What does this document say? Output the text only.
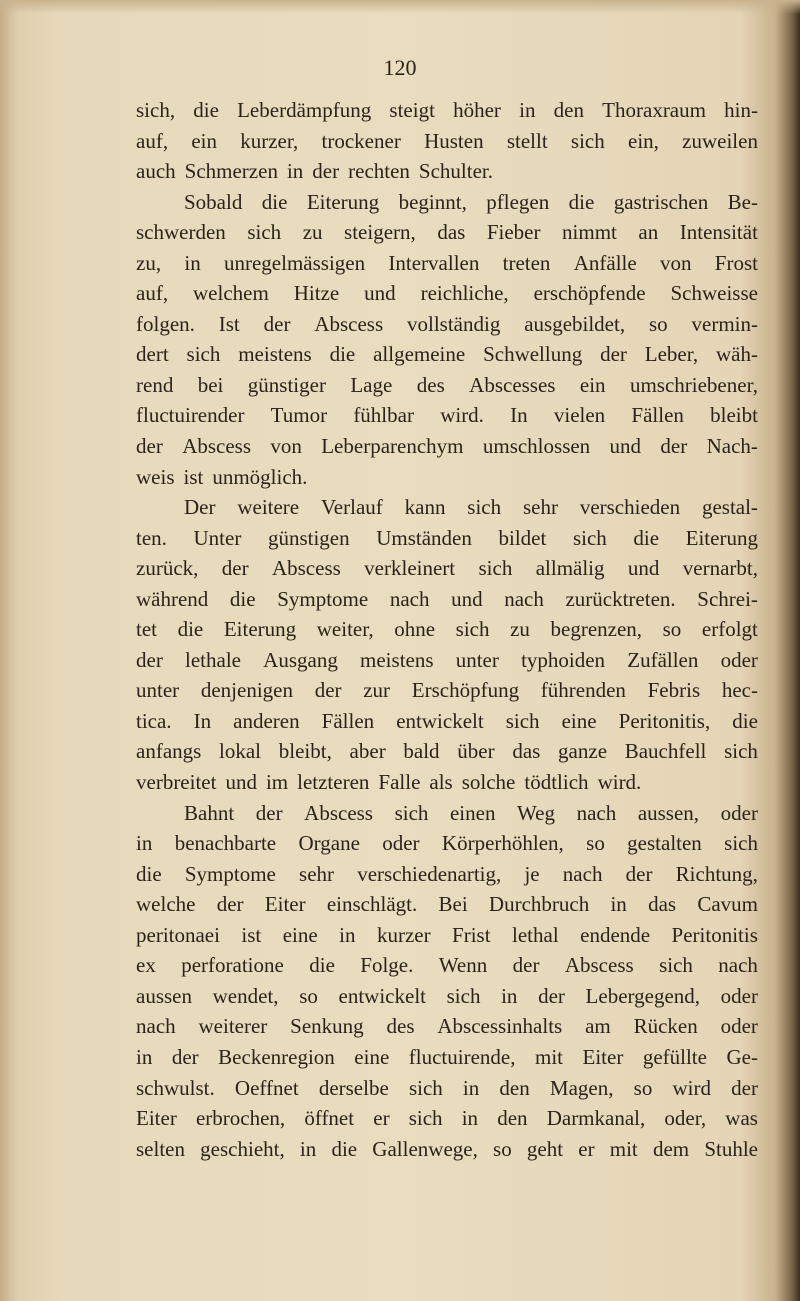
120
sich, die Leberdämpfung steigt höher in den Thoraxraum hin-
auf, ein kurzer, trockener Husten stellt sich ein, zuweilen
auch Schmerzen in der rechten Schulter.
Sobald die Eiterung beginnt, pflegen die gastrischen Be-
schwerden sich zu steigern, das Fieber nimmt an Intensität
zu, in unregelmässigen Intervallen treten Anfälle von Frost
auf, welchem Hitze und reichliche, erschöpfende Schweisse
folgen. Ist der Abscess vollständig ausgebildet, so vermin-
dert sich meistens die allgemeine Schwellung der Leber, wäh-
rend bei günstiger Lage des Abscesses ein umschriebener,
fluctuirender Tumor fühlbar wird. In vielen Fällen bleibt
der Abscess von Leberparenchym umschlossen und der Nach-
weis ist unmöglich.
Der weitere Verlauf kann sich sehr verschieden gestal-
ten. Unter günstigen Umständen bildet sich die Eiterung
zurück, der Abscess verkleinert sich allmälig und vernarbt,
während die Symptome nach und nach zurücktreten. Schrei-
tet die Eiterung weiter, ohne sich zu begrenzen, so erfolgt
der lethale Ausgang meistens unter typhoiden Zufällen oder
unter denjenigen der zur Erschöpfung führenden Febris hec-
tica. In anderen Fällen entwickelt sich eine Peritonitis, die
anfangs lokal bleibt, aber bald über das ganze Bauchfell sich
verbreitet und im letzteren Falle als solche tödtlich wird.
Bahnt der Abscess sich einen Weg nach aussen, oder
in benachbarte Organe oder Körperhöhlen, so gestalten sich
die Symptome sehr verschiedenartig, je nach der Richtung,
welche der Eiter einschlägt. Bei Durchbruch in das Cavum
peritonaei ist eine in kurzer Frist lethal endende Peritonitis
ex perforatione die Folge. Wenn der Abscess sich nach
aussen wendet, so entwickelt sich in der Lebergegend, oder
nach weiterer Senkung des Abscessinhalts am Rücken oder
in der Beckenregion eine fluctuirende, mit Eiter gefüllte Ge-
schwulst. Oeffnet derselbe sich in den Magen, so wird der
Eiter erbrochen, öffnet er sich in den Darmkanal, oder, was
selten geschieht, in die Gallenwege, so geht er mit dem Stuhle
